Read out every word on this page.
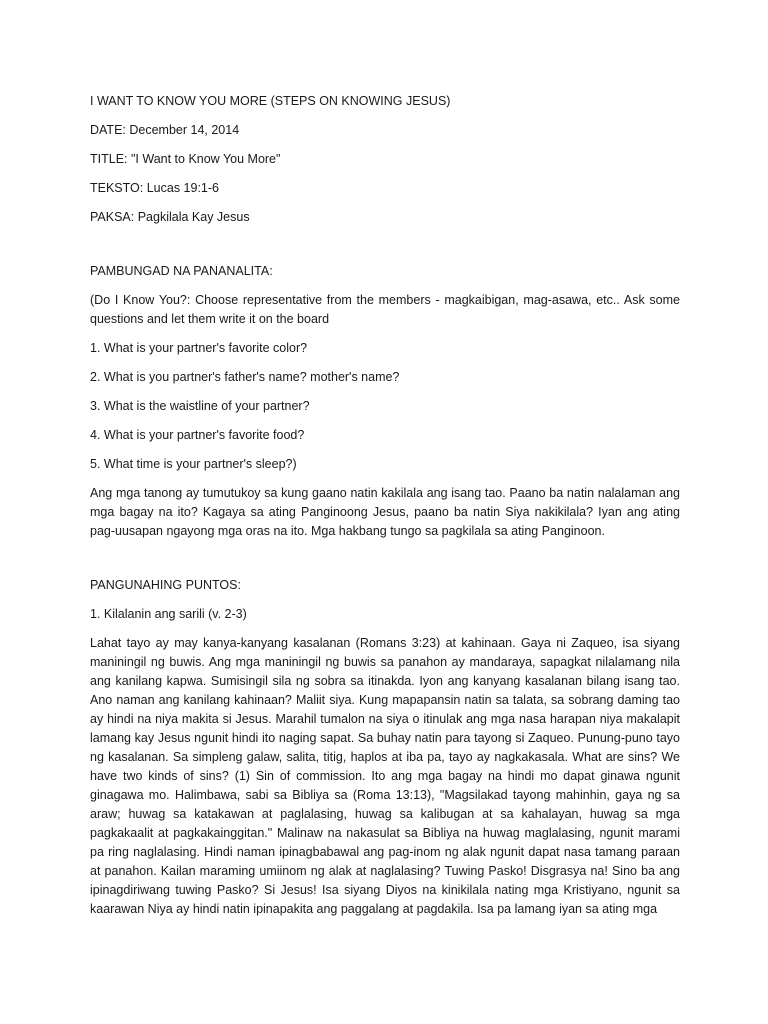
I WANT TO KNOW YOU MORE (STEPS ON KNOWING JESUS)
DATE: December 14, 2014
TITLE: "I Want to Know You More"
TEKSTO: Lucas 19:1-6
PAKSA: Pagkilala Kay Jesus
PAMBUNGAD NA PANANALITA:
(Do I Know You?: Choose representative from the members - magkaibigan, mag-asawa, etc.. Ask some questions and let them write it on the board
1. What is your partner's favorite color?
2. What is you partner's father's name? mother's name?
3. What is the waistline of your partner?
4. What is your partner's favorite food?
5. What time is your partner's sleep?)
Ang mga tanong ay tumutukoy sa kung gaano natin kakilala ang isang tao. Paano ba natin nalalaman ang mga bagay na ito? Kagaya sa ating Panginoong Jesus, paano ba natin Siya nakikilala? Iyan ang ating pag-uusapan ngayong mga oras na ito. Mga hakbang tungo sa pagkilala sa ating Panginoon.
PANGUNAHING PUNTOS:
1. Kilalanin ang sarili (v. 2-3)
Lahat tayo ay may kanya-kanyang kasalanan (Romans 3:23) at kahinaan. Gaya ni Zaqueo, isa siyang maniningil ng buwis. Ang mga maniningil ng buwis sa panahon ay mandaraya, sapagkat nilalamang nila ang kanilang kapwa. Sumisingil sila ng sobra sa itinakda. Iyon ang kanyang kasalanan bilang isang tao. Ano naman ang kanilang kahinaan? Maliit siya. Kung mapapansin natin sa talata, sa sobrang daming tao ay hindi na niya makita si Jesus. Marahil tumalon na siya o itinulak ang mga nasa harapan niya makalapit lamang kay Jesus ngunit hindi ito naging sapat. Sa buhay natin para tayong si Zaqueo. Punung-puno tayo ng kasalanan. Sa simpleng galaw, salita, titig, haplos at iba pa, tayo ay nagkakasala. What are sins? We have two kinds of sins? (1) Sin of commission. Ito ang mga bagay na hindi mo dapat ginawa ngunit ginagawa mo. Halimbawa, sabi sa Bibliya sa (Roma 13:13), "Magsilakad tayong mahinhin, gaya ng sa araw; huwag sa katakawan at paglalasing, huwag sa kalibugan at sa kahalayan, huwag sa mga pagkakaalit at pagkakainggitan." Malinaw na nakasulat sa Bibliya na huwag maglalasing, ngunit marami pa ring naglalasing. Hindi naman ipinagbabawal ang pag-inom ng alak ngunit dapat nasa tamang paraan at panahon. Kailan maraming umiinom ng alak at naglalasing? Tuwing Pasko! Disgrasya na! Sino ba ang ipinagdiriwang tuwing Pasko? Si Jesus! Isa siyang Diyos na kinikilala nating mga Kristiyano, ngunit sa kaarawan Niya ay hindi natin ipinapakita ang paggalang at pagdakila. Isa pa lamang iyan sa ating mga
